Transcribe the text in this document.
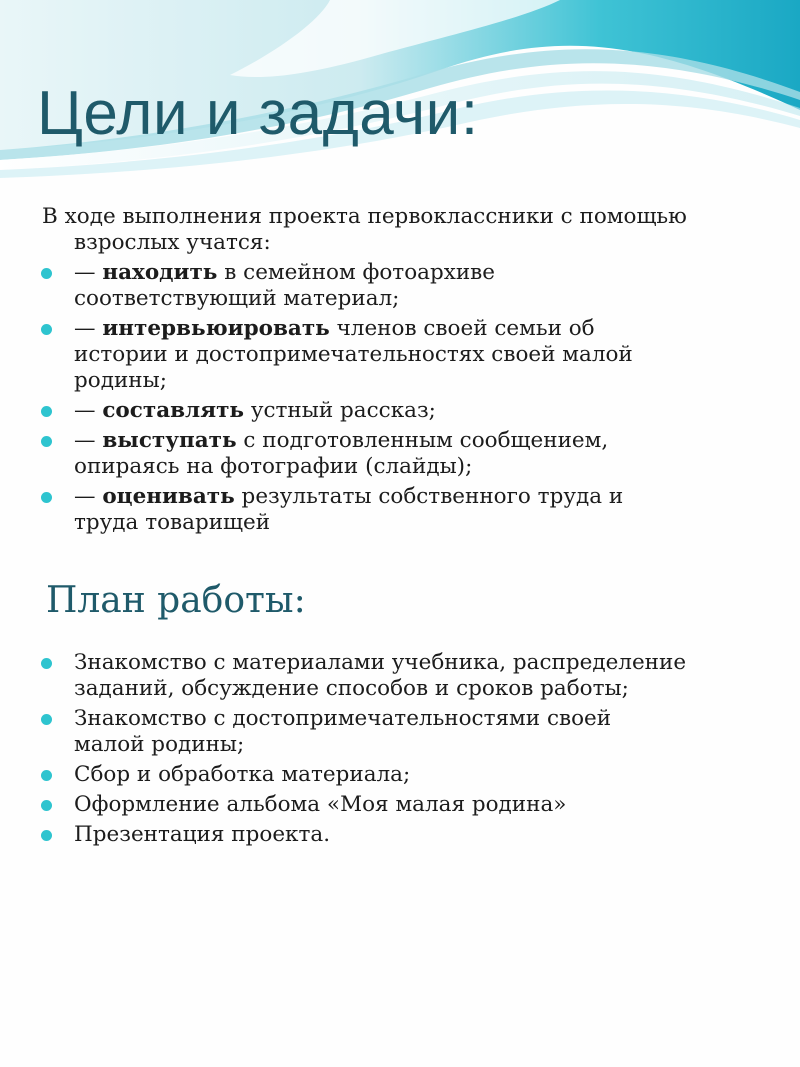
Цели и задачи:

В ходе выполнения проекта первоклассники с помощью взрослых учатся:

— находить в семейном фотоархиве соответствующий материал;
— интервьюировать членов своей семьи об истории и достопримечательностях своей малой родины;
— составлять устный рассказ;
— выступать с подготовленным сообщением, опираясь на фотографии (слайды);
— оценивать результаты собственного труда и труда товарищей
План работы:
Знакомство с материалами учебника, распределение заданий, обсуждение способов и сроков работы;
Знакомство с достопримечательностями своей малой родины;
Сбор и обработка материала;
Оформление альбома «Моя малая родина»
Презентация проекта.
